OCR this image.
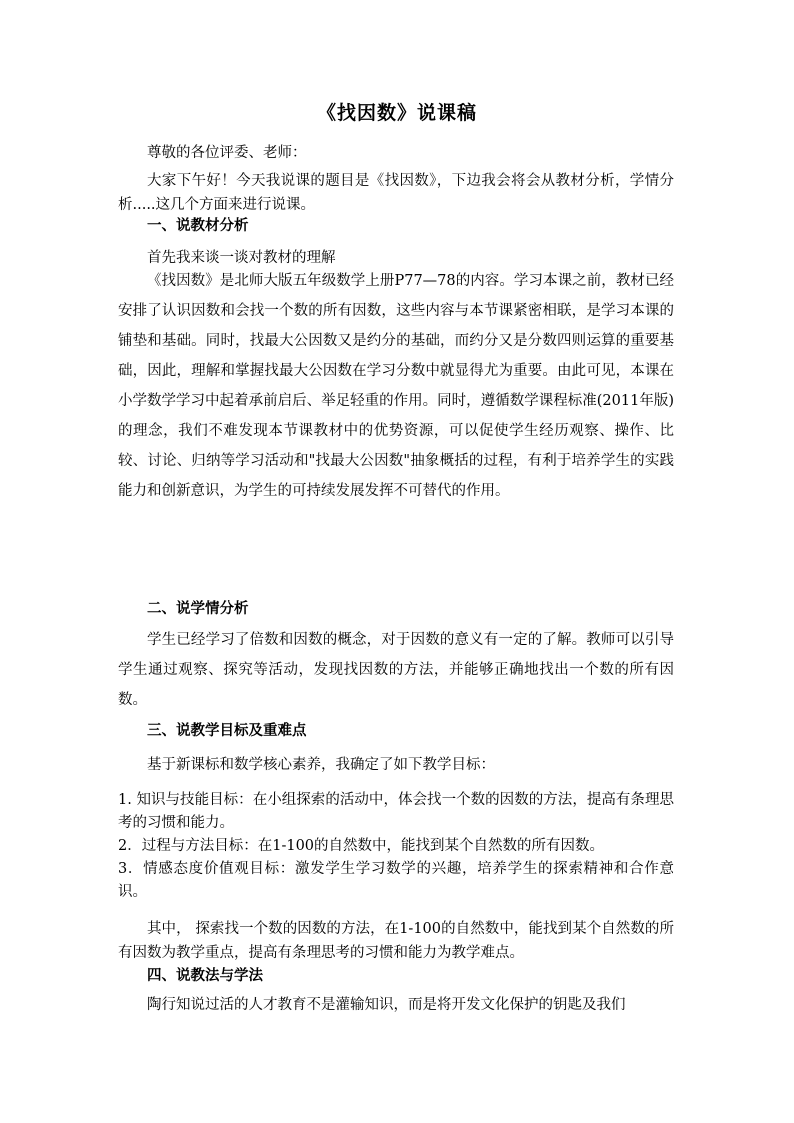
《找因数》说课稿
尊敬的各位评委、老师：
大家下午好！今天我说课的题目是《找因数》，下边我会将会从教材分析，学情分析.....这几个方面来进行说课。
一、说教材分析
首先我来谈一谈对教材的理解
《找因数》是北师大版五年级数学上册P77—78的内容。学习本课之前，教材已经安排了认识因数和会找一个数的所有因数，这些内容与本节课紧密相联，是学习本课的铺垫和基础。同时，找最大公因数又是约分的基础，而约分又是分数四则运算的重要基础，因此，理解和掌握找最大公因数在学习分数中就显得尤为重要。由此可见，本课在小学数学学习中起着承前启后、举足轻重的作用。同时，遵循数学课程标准(2011年版)的理念，我们不难发现本节课教材中的优势资源，可以促使学生经历观察、操作、比较、讨论、归纳等学习活动和"找最大公因数"抽象概括的过程，有利于培养学生的实践能力和创新意识，为学生的可持续发展发挥不可替代的作用。
二、说学情分析
学生已经学习了倍数和因数的概念，对于因数的意义有一定的了解。教师可以引导学生通过观察、探究等活动，发现找因数的方法，并能够正确地找出一个数的所有因数。
三、说教学目标及重难点
基于新课标和数学核心素养，我确定了如下教学目标：
1. 知识与技能目标：在小组探索的活动中，体会找一个数的因数的方法，提高有条理思考的习惯和能力。
2．过程与方法目标：在1-100的自然数中，能找到某个自然数的所有因数。
3．情感态度价值观目标：激发学生学习数学的兴趣，培养学生的探索精神和合作意识。
其中， 探索找一个数的因数的方法，在1-100的自然数中，能找到某个自然数的所有因数为教学重点，提高有条理思考的习惯和能力为教学难点。
四、说教法与学法
陶行知说过活的人才教育不是灌输知识，而是将开发文化保护的钥匙及我们
